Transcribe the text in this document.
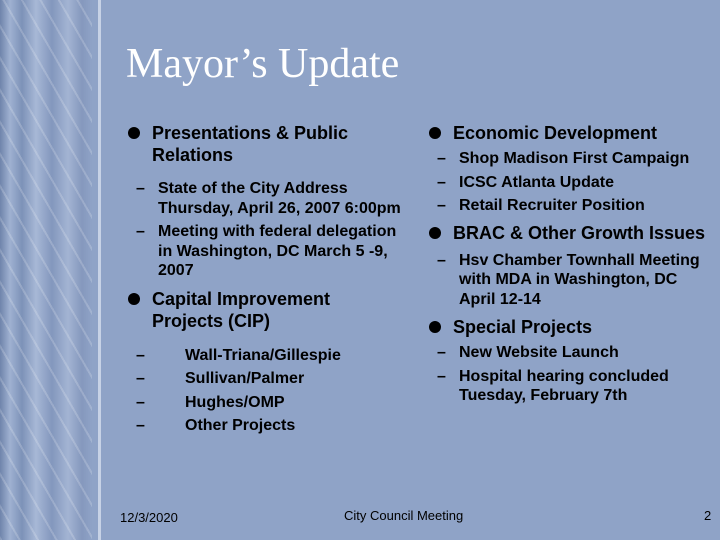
Mayor’s Update
Presentations & Public Relations
– State of the City Address Thursday, April 26, 2007 6:00pm
– Meeting with federal delegation in Washington, DC March 5 -9, 2007
Capital Improvement Projects (CIP)
– Wall-Triana/Gillespie
– Sullivan/Palmer
– Hughes/OMP
– Other Projects
Economic Development
– Shop Madison First Campaign
– ICSC Atlanta Update
– Retail Recruiter Position
BRAC & Other Growth Issues
– Hsv Chamber Townhall Meeting with MDA in Washington, DC April 12-14
Special Projects
– New Website Launch
– Hospital hearing concluded Tuesday, February 7th
12/3/2020	City Council Meeting	2
